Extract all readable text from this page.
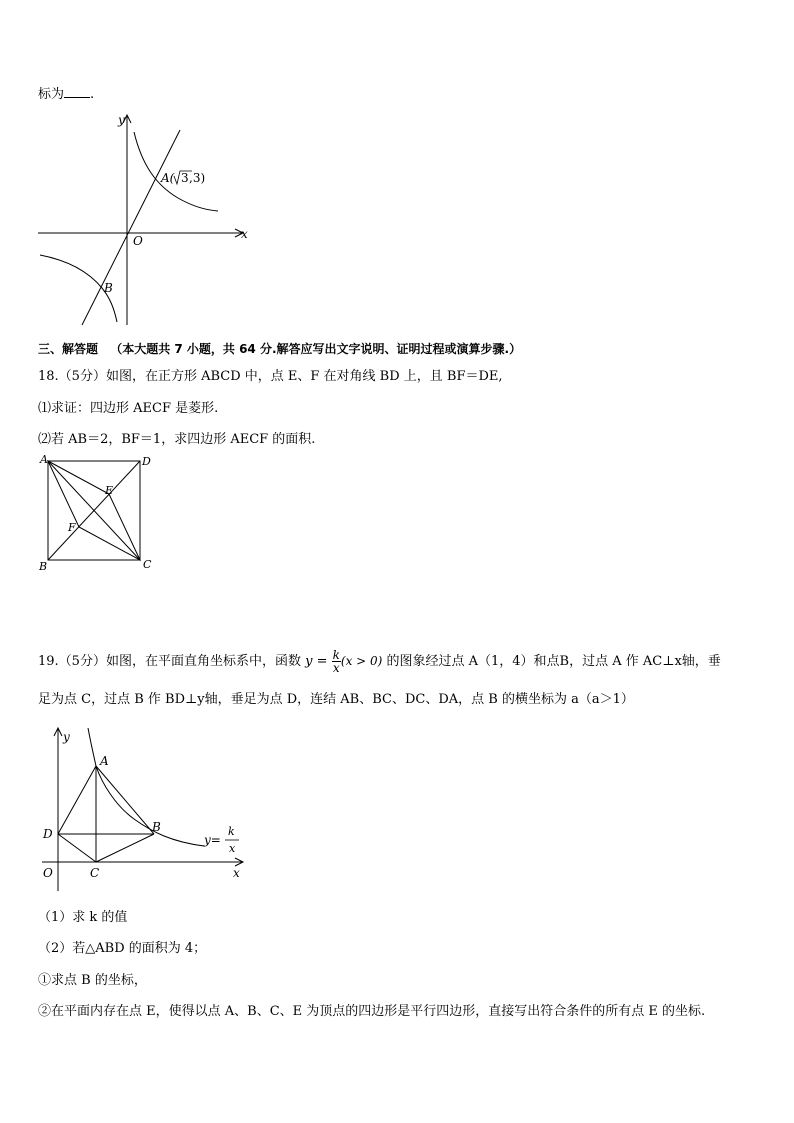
标为 .
y
x
O
A( 3 ,3)
B
三、解答题 （本大题共 7 小题，共 64 分.解答应写出文字说明、证明过程或演算步骤.）
18.（5分）如图，在正方形 ABCD 中，点 E、F 在对角线 BD 上，且 BF＝DE,
⑴求证：四边形 AECF 是菱形.
⑵若 AB＝2，BF＝1，求四边形 AECF 的面积.
A	D
B	C
E
F
19.（5分）如图，在平面直角坐标系中，函数 $y = \frac{k}{x} (x > 0)$ 的图象经过点 A（1，4）和点B，过点 A 作 AC⊥x轴，垂
足为点 C，过点 B 作 BD⊥y轴，垂足为点 D，连结 AB、BC、DC、DA，点 B 的横坐标为 a（a＞1）
y
x
O
A
B
C
D	y=
k
x
（1）求 k 的值
（2）若△ABD 的面积为 4；
①求点 B 的坐标，
②在平面内存在点 E，使得以点 A、B、C、E 为顶点的四边形是平行四边形，直接写出符合条件的所有点 E 的坐标.
